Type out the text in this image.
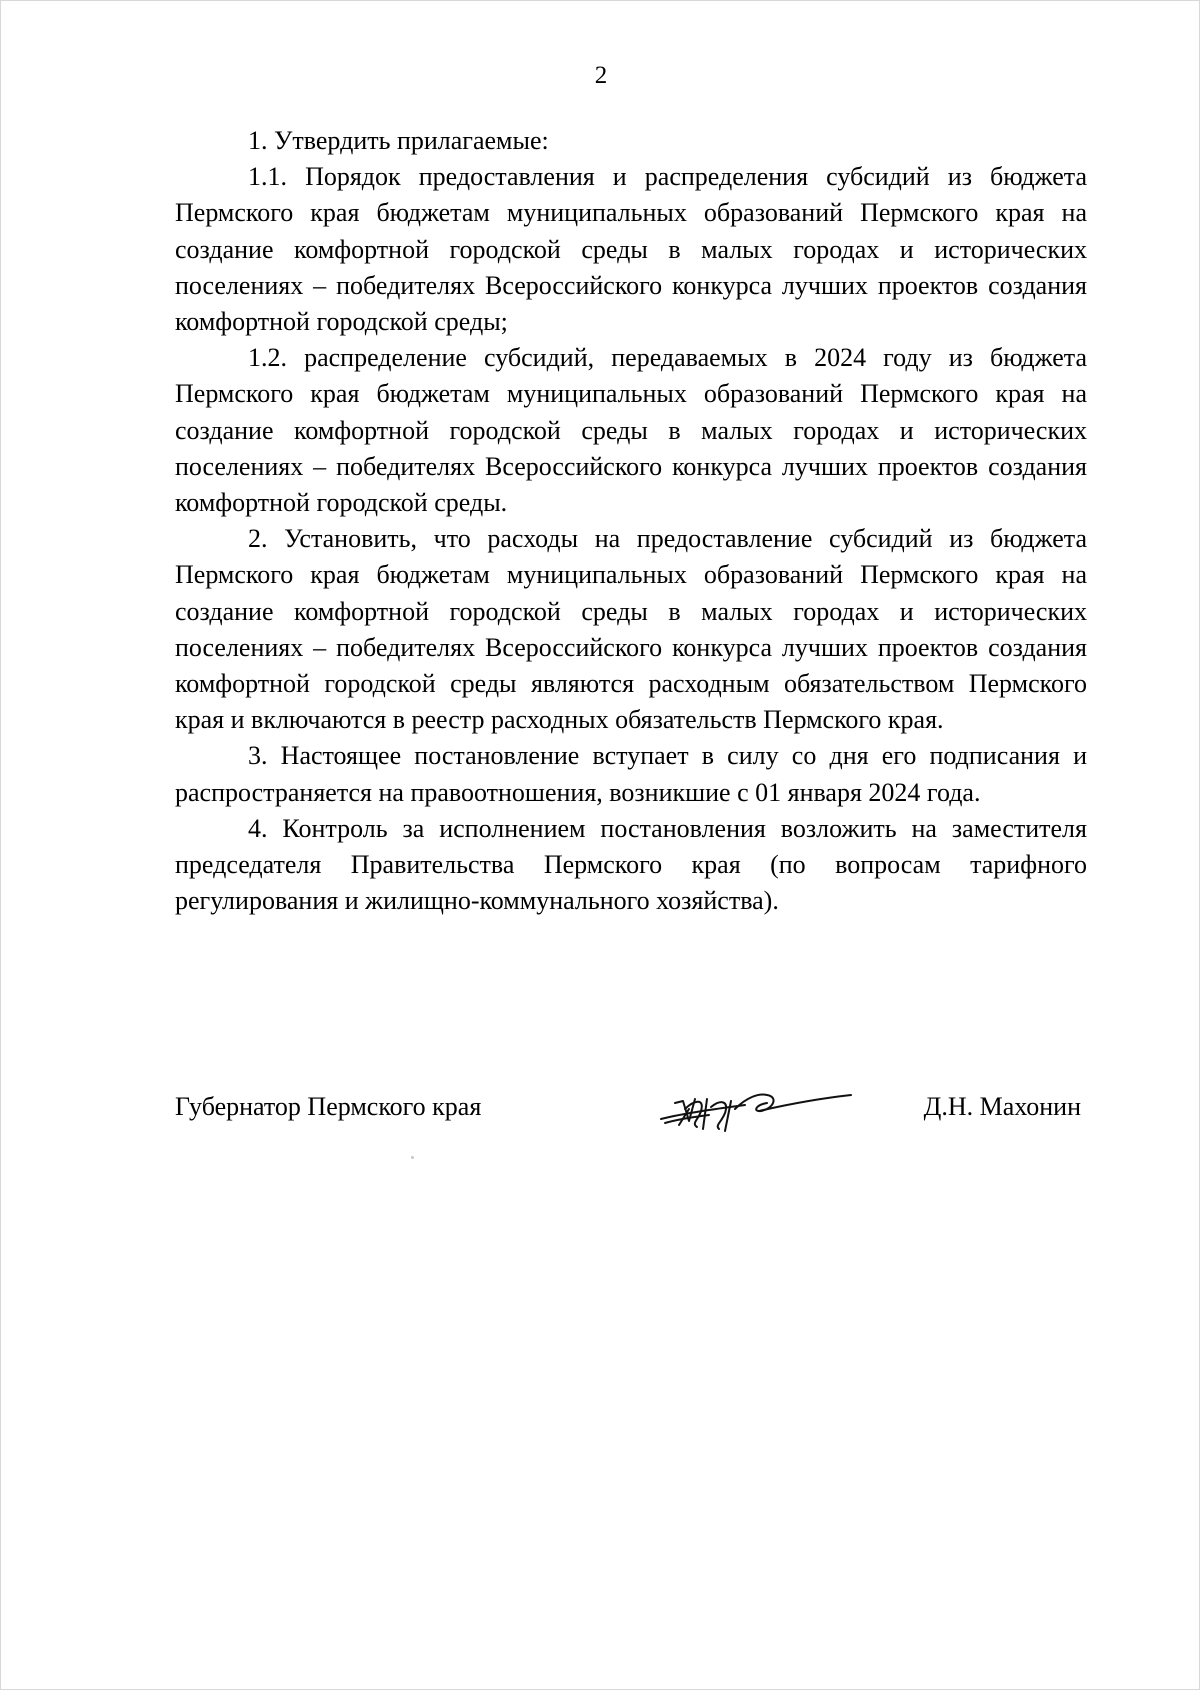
2

1. Утвердить прилагаемые:

1.1. Порядок предоставления и распределения субсидий из бюджета Пермского края бюджетам муниципальных образований Пермского края на создание комфортной городской среды в малых городах и исторических поселениях – победителях Всероссийского конкурса лучших проектов создания комфортной городской среды;

1.2. распределение субсидий, передаваемых в 2024 году из бюджета Пермского края бюджетам муниципальных образований Пермского края на создание комфортной городской среды в малых городах и исторических поселениях – победителях Всероссийского конкурса лучших проектов создания комфортной городской среды.

2. Установить, что расходы на предоставление субсидий из бюджета Пермского края бюджетам муниципальных образований Пермского края на создание комфортной городской среды в малых городах и исторических поселениях – победителях Всероссийского конкурса лучших проектов создания комфортной городской среды являются расходным обязательством Пермского края и включаются в реестр расходных обязательств Пермского края.

3. Настоящее постановление вступает в силу со дня его подписания и распространяется на правоотношения, возникшие с 01 января 2024 года.

4. Контроль за исполнением постановления возложить на заместителя председателя Правительства Пермского края (по вопросам тарифного регулирования и жилищно-коммунального хозяйства).

Губернатор Пермского края	Д.Н. Махонин
